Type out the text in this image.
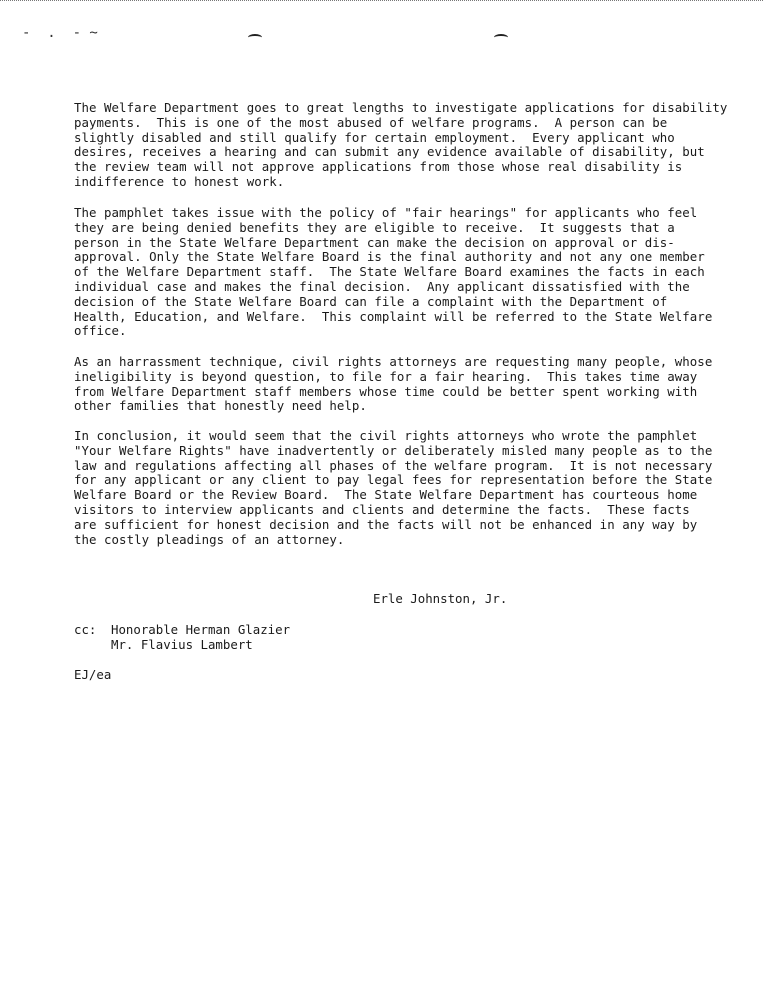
-  .  - ~
The Welfare Department goes to great lengths to investigate applications for disability
payments.  This is one of the most abused of welfare programs.  A person can be
slightly disabled and still qualify for certain employment.  Every applicant who
desires, receives a hearing and can submit any evidence available of disability, but
the review team will not approve applications from those whose real disability is
indifference to honest work.
The pamphlet takes issue with the policy of "fair hearings" for applicants who feel
they are being denied benefits they are eligible to receive.  It suggests that a
person in the State Welfare Department can make the decision on approval or dis-
approval. Only the State Welfare Board is the final authority and not any one member
of the Welfare Department staff.  The State Welfare Board examines the facts in each
individual case and makes the final decision.  Any applicant dissatisfied with the
decision of the State Welfare Board can file a complaint with the Department of
Health, Education, and Welfare.  This complaint will be referred to the State Welfare
office.
As an harrassment technique, civil rights attorneys are requesting many people, whose
ineligibility is beyond question, to file for a fair hearing.  This takes time away
from Welfare Department staff members whose time could be better spent working with
other families that honestly need help.
In conclusion, it would seem that the civil rights attorneys who wrote the pamphlet
"Your Welfare Rights" have inadvertently or deliberately misled many people as to the
law and regulations affecting all phases of the welfare program.  It is not necessary
for any applicant or any client to pay legal fees for representation before the State
Welfare Board or the Review Board.  The State Welfare Department has courteous home
visitors to interview applicants and clients and determine the facts.  These facts
are sufficient for honest decision and the facts will not be enhanced in any way by
the costly pleadings of an attorney.
Erle Johnston, Jr.
cc:	Honorable Herman Glazier
Mr. Flavius Lambert
EJ/ea
